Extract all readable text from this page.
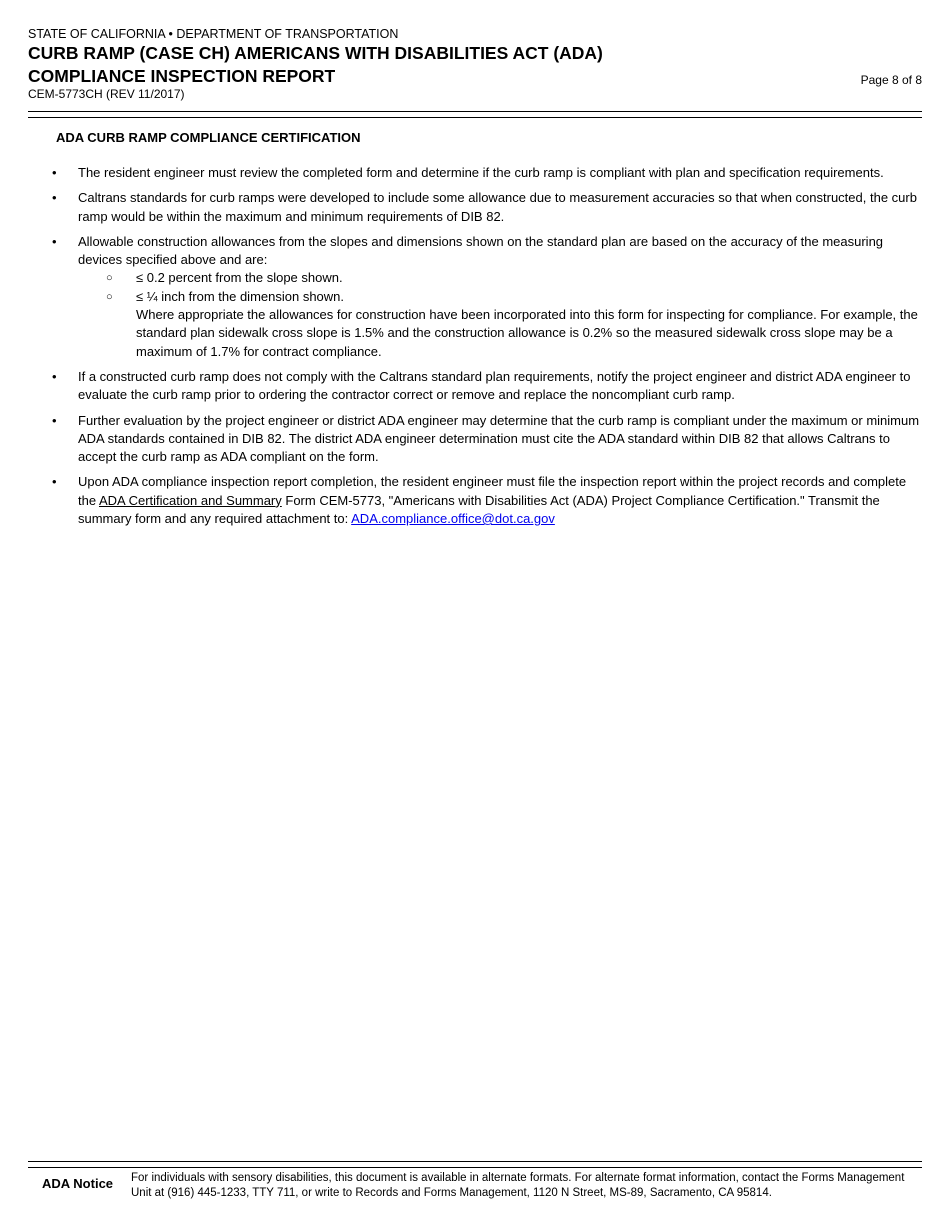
STATE OF CALIFORNIA • DEPARTMENT OF TRANSPORTATION
CURB RAMP (CASE CH) AMERICANS WITH DISABILITIES ACT (ADA)
COMPLIANCE INSPECTION REPORT
CEM-5773CH (REV 11/2017)
Page 8 of 8
ADA CURB RAMP COMPLIANCE CERTIFICATION
• The resident engineer must review the completed form and determine if the curb ramp is compliant with plan and specification requirements.
• Caltrans standards for curb ramps were developed to include some allowance due to measurement accuracies so that when constructed, the curb ramp would be within the maximum and minimum requirements of DIB 82.
• Allowable construction allowances from the slopes and dimensions shown on the standard plan are based on the accuracy of the measuring devices specified above and are:
○ ≤ 0.2 percent from the slope shown.
○ ≤ ¼ inch from the dimension shown.
Where appropriate the allowances for construction have been incorporated into this form for inspecting for compliance. For example, the standard plan sidewalk cross slope is 1.5% and the construction allowance is 0.2% so the measured sidewalk cross slope may be a maximum of 1.7% for contract compliance.
• If a constructed curb ramp does not comply with the Caltrans standard plan requirements, notify the project engineer and district ADA engineer to evaluate the curb ramp prior to ordering the contractor correct or remove and replace the noncompliant curb ramp.
• Further evaluation by the project engineer or district ADA engineer may determine that the curb ramp is compliant under the maximum or minimum ADA standards contained in DIB 82. The district ADA engineer determination must cite the ADA standard within DIB 82 that allows Caltrans to accept the curb ramp as ADA compliant on the form.
• Upon ADA compliance inspection report completion, the resident engineer must file the inspection report within the project records and complete the ADA Certification and Summary Form CEM-5773, "Americans with Disabilities Act (ADA) Project Compliance Certification." Transmit the summary form and any required attachment to: ADA.compliance.office@dot.ca.gov
ADA Notice For individuals with sensory disabilities, this document is available in alternate formats. For alternate format information, contact the Forms Management Unit at (916) 445-1233, TTY 711, or write to Records and Forms Management, 1120 N Street, MS-89, Sacramento, CA 95814.
